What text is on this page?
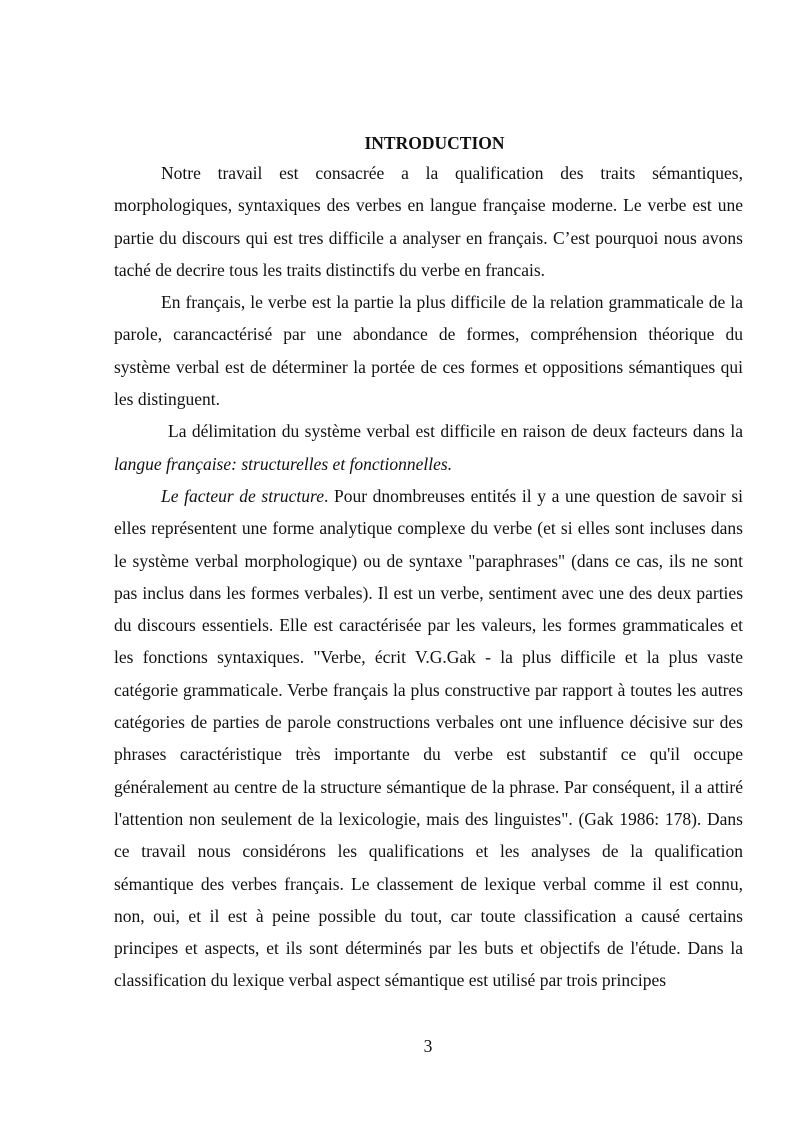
INTRODUCTION

Notre travail est consacrée a la qualification des traits sémantiques, morphologiques, syntaxiques des verbes en langue française moderne. Le verbe est une partie du discours qui est tres difficile a analyser en français. C’est pourquoi nous avons taché de decrire tous les traits distinctifs du verbe en francais.

En français, le verbe est la partie la plus difficile de la relation grammaticale de la parole, carancactérisé par une abondance de formes, compréhension théorique du système verbal est de déterminer la portée de ces formes et oppositions sémantiques qui les distinguent.

La délimitation du système verbal est difficile en raison de deux facteurs dans la langue française: structurelles et fonctionnelles.

Le facteur de structure. Pour dnombreuses entités il y a une question de savoir si elles représentent une forme analytique complexe du verbe (et si elles sont incluses dans le système verbal morphologique) ou de syntaxe "paraphrases" (dans ce cas, ils ne sont pas inclus dans les formes verbales). Il est un verbe, sentiment avec une des deux parties du discours essentiels. Elle est caractérisée par les valeurs, les formes grammaticales et les fonctions syntaxiques. "Verbe, écrit V.G.Gak - la plus difficile et la plus vaste catégorie grammaticale. Verbe français la plus constructive par rapport à toutes les autres catégories de parties de parole constructions verbales ont une influence décisive sur des phrases caractéristique très importante du verbe est substantif ce qu'il occupe généralement au centre de la structure sémantique de la phrase. Par conséquent, il a attiré l'attention non seulement de la lexicologie, mais des linguistes". (Gak 1986: 178). Dans ce travail nous considérons les qualifications et les analyses de la qualification sémantique des verbes français. Le classement de lexique verbal comme il est connu, non, oui, et il est à peine possible du tout, car toute classification a causé certains principes et aspects, et ils sont déterminés par les buts et objectifs de l'étude. Dans la classification du lexique verbal aspect sémantique est utilisé par trois principes

3
